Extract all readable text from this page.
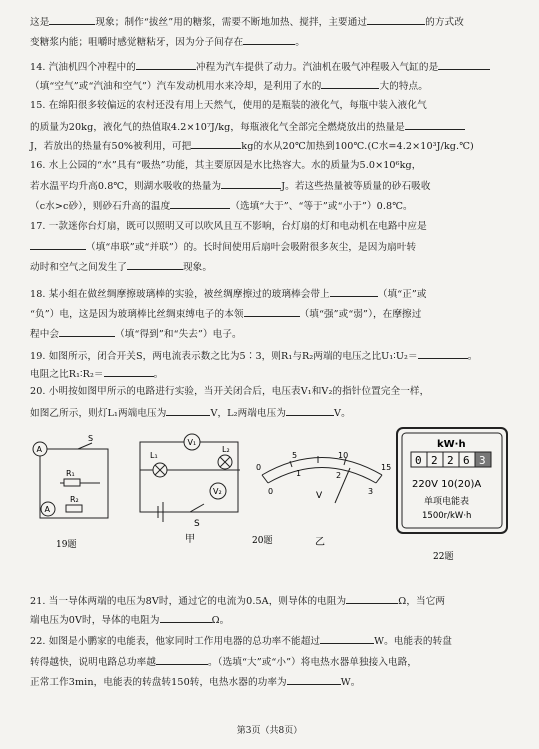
这是	现象；制作“拔丝”用的糖浆，需要不断地加热、搅拌，主要通过	的方式改
变糖浆内能；咀嚼时感觉糖粘牙，因为分子间存在	。
14. 汽油机四个冲程中的	冲程为汽车提供了动力。汽油机在吸气冲程吸入气缸的是
（填“空气”或“汽油和空气”）汽车发动机用水来冷却，是利用了水的	大的特点。
15. 在绵阳很多较偏远的农村还没有用上天然气，使用的是瓶装的液化气，每瓶中装入液化气
的质量为20kg，液化气的热值取4.2×10⁷J/kg，每瓶液化气全部完全燃烧放出的热量是
J，若放出的热量有50%被利用，可把	kg的水从20℃加热到100℃.(C水=4.2×10³J/kg.℃)
16. 水上公园的“水”具有“吸热”功能，其主要原因是水比热容大。水的质量为5.0×10⁶kg，
若水温平均升高0.8℃，则湖水吸收的热量为	J。若这些热量被等质量的砂石吸收
（c水>c砂），则砂石升高的温度	（选填“大于”、“等于”或“小于”）0.8℃。
17. 一款迷你台灯扇，既可以照明又可以吹风且互不影响，台灯扇的灯和电动机在电路中应是
（填“串联”或“并联”）的。长时间使用后扇叶会吸附很多灰尘，是因为扇叶转
动时和空气之间发生了	现象。
18. 某小组在做丝绸摩擦玻璃棒的实验，被丝绸摩擦过的玻璃棒会带上	（填“正”或
“负”）电，这是因为玻璃棒比丝绸束缚电子的本领	（填“强”或“弱”），在摩擦过
程中会	（填“得到”和“失去”）电子。
19. 如图所示，闭合开关S，两电流表示数之比为5∶3，则R₁与R₂两端的电压之比U₁∶U₂＝	。
电阻之比R₁∶R₂＝	。
20. 小明按如图甲所示的电路进行实验，当开关闭合后，电压表V₁和V₂的指针位置完全一样，
如图乙所示，则灯L₁两端电压为	V，L₂两端电压为	V。
21. 当一导体两端的电压为8V时，通过它的电流为0.5A，则导体的电阻为	Ω，当它两
端电压为0V时，导体的电阻为	Ω。
22. 如图是小鹏家的电能表，他家同时工作用电器的总功率不能超过	W。电能表的转盘
转得越快，说明电路总功率越	。（选填“大”或“小”）将电热水器单独接入电路，
正常工作3min，电能表的转盘转150转，电热水器的功率为	W。
A
S
R₁
A
R₂
L₁
V₁
L₂
V₂
S
甲
0
5	10
15
0
1	2
3
V
20题	乙
kW·h
0 2 2 6 3
220V 10(20)A
单项电能表
1500r/kW·h
22题
19题
第3页（共8页）
